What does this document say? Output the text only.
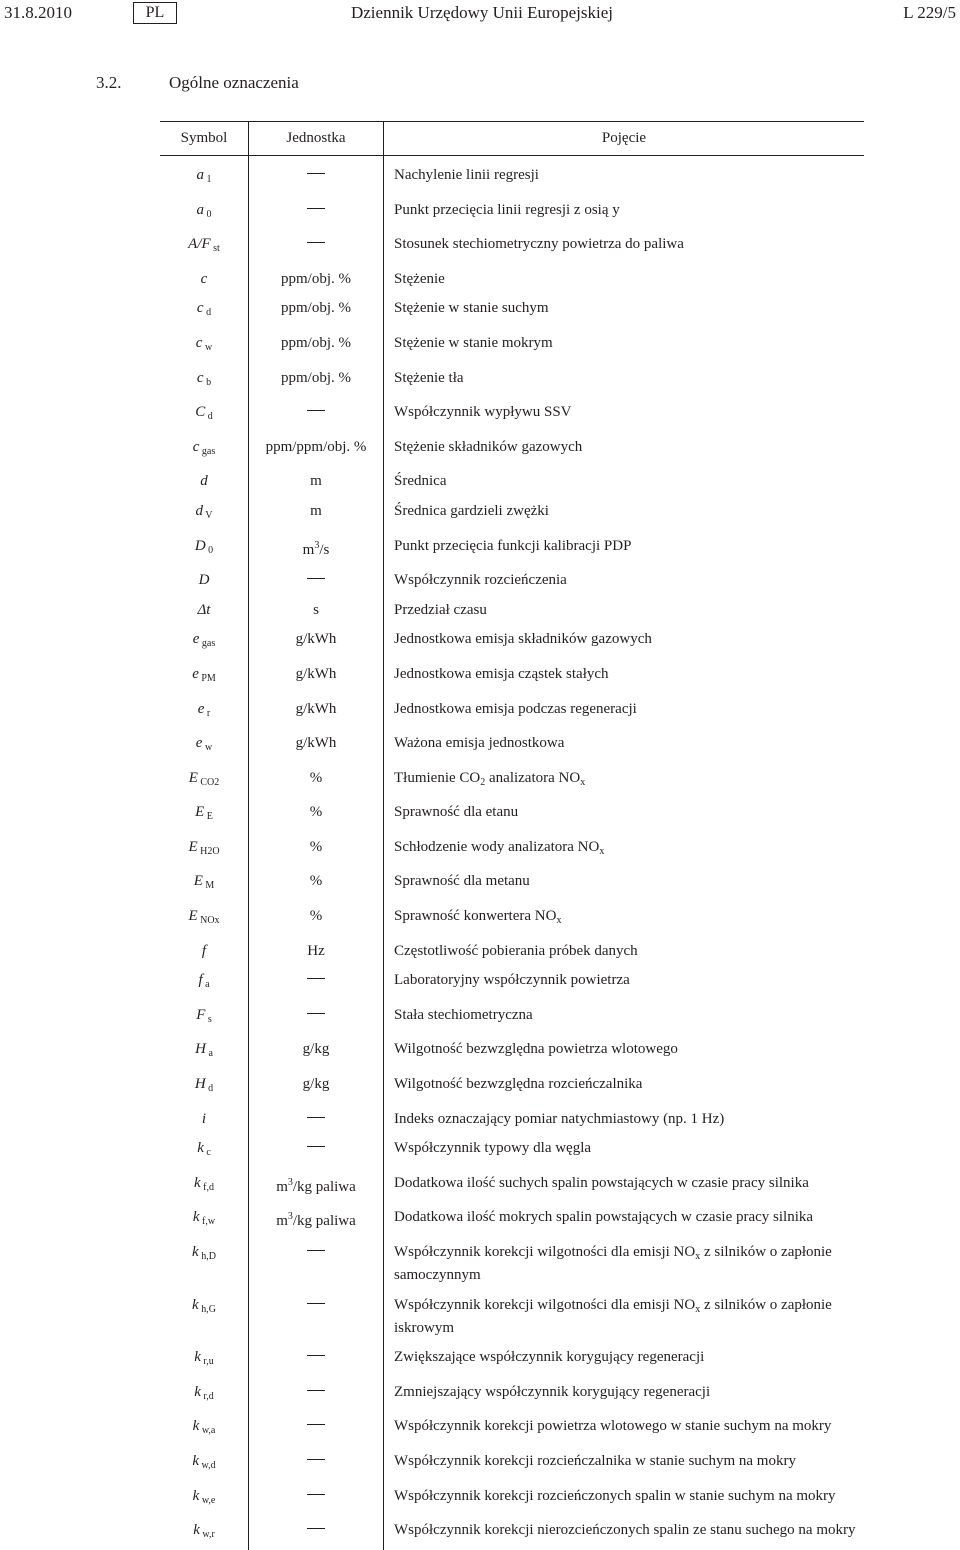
31.8.2010	PL	Dziennik Urzędowy Unii Europejskiej	L 229/5
3.2.	Ogólne oznaczenia
Symbol	Jednostka	Pojęcie
a $_1$		Nachylenie linii regresji
a $_0$		Punkt przecięcia linii regresji z osią y
A/F $_{st}$		Stosunek stechiometryczny powietrza do paliwa
c	ppm/obj. %	Stężenie
c $_d$	ppm/obj. %	Stężenie w stanie suchym
c $_w$	ppm/obj. %	Stężenie w stanie mokrym
c $_b$	ppm/obj. %	Stężenie tła
C $_d$		Współczynnik wypływu SSV
c $_{gas}$	ppm/ppm/obj. %	Stężenie składników gazowych
d	m	Średnica
d $_V$	m	Średnica gardzieli zwężki
D $_0$	$m^3/s$	Punkt przecięcia funkcji kalibracji PDP
D		Współczynnik rozcieńczenia
Δt	s	Przedział czasu
e $_{gas}$	g/kWh	Jednostkowa emisja składników gazowych
e $_{PM}$	g/kWh	Jednostkowa emisja cząstek stałych
e $_r$	g/kWh	Jednostkowa emisja podczas regeneracji
e $_w$	g/kWh	Ważona emisja jednostkowa
E $_{CO2}$	%	Tłumienie $CO_2$ analizatora $NO_x$
E $_E$	%	Sprawność dla etanu
E $_{H2O}$	%	Schłodzenie wody analizatora $NO_x$
E $_M$	%	Sprawność dla metanu
E $_{NOx}$	%	Sprawność konwertera $NO_x$
f	Hz	Częstotliwość pobierania próbek danych
f $_a$		Laboratoryjny współczynnik powietrza
F $_s$		Stała stechiometryczna
H $_a$	g/kg	Wilgotność bezwzględna powietrza wlotowego
H $_d$	g/kg	Wilgotność bezwzględna rozcieńczalnika
i		Indeks oznaczający pomiar natychmiastowy (np. 1 Hz)
k $_c$		Współczynnik typowy dla węgla
k $_{f,d}$	$m^3/kg$ paliwa	Dodatkowa ilość suchych spalin powstających w czasie pracy silnika
k $_{f,w}$	$m^3/kg$ paliwa	Dodatkowa ilość mokrych spalin powstających w czasie pracy silnika
k $_{h,D}$		Współczynnik korekcji wilgotności dla emisji $NO_x$ z silników o zapłonie samoczynnym
k $_{h,G}$		Współczynnik korekcji wilgotności dla emisji $NO_x$ z silników o zapłonie iskrowym
k $_{r,u}$		Zwiększające współczynnik korygujący regeneracji
k $_{r,d}$		Zmniejszający współczynnik korygujący regeneracji
k $_{w,a}$		Współczynnik korekcji powietrza wlotowego w stanie suchym na mokry
k $_{w,d}$		Współczynnik korekcji rozcieńczalnika w stanie suchym na mokry
k $_{w,e}$		Współczynnik korekcji rozcieńczonych spalin w stanie suchym na mokry
k $_{w,r}$		Współczynnik korekcji nierozcieńczonych spalin ze stanu suchego na mokry
